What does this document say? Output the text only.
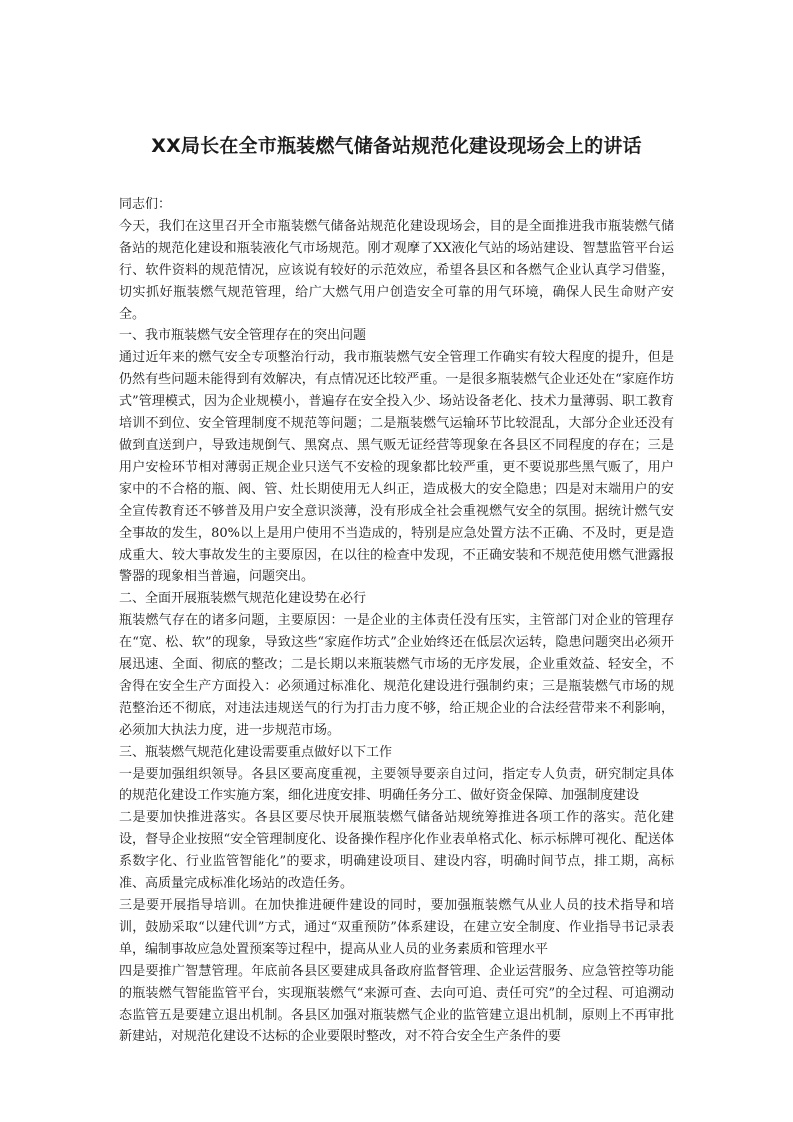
XX局长在全市瓶装燃气储备站规范化建设现场会上的讲话

同志们：

今天，我们在这里召开全市瓶装燃气储备站规范化建设现场会，目的是全面推进我市瓶装燃气储备站的规范化建设和瓶装液化气市场规范。刚才观摩了XX液化气站的场站建设、智慧监管平台运行、软件资料的规范情况，应该说有较好的示范效应，希望各县区和各燃气企业认真学习借鉴，切实抓好瓶装燃气规范管理，给广大燃气用户创造安全可靠的用气环境，确保人民生命财产安全。

一、我市瓶装燃气安全管理存在的突出问题

通过近年来的燃气安全专项整治行动，我市瓶装燃气安全管理工作确实有较大程度的提升，但是仍然有些问题未能得到有效解决，有点情况还比较严重。一是很多瓶装燃气企业还处在“家庭作坊式”管理模式，因为企业规模小，普遍存在安全投入少、场站设备老化、技术力量薄弱、职工教育培训不到位、安全管理制度不规范等问题；二是瓶装燃气运输环节比较混乱，大部分企业还没有做到直送到户，导致违规倒气、黑窝点、黑气贩无证经营等现象在各县区不同程度的存在；三是用户安检环节相对薄弱正规企业只送气不安检的现象都比较严重，更不要说那些黑气贩了，用户家中的不合格的瓶、阀、管、灶长期使用无人纠正，造成极大的安全隐患；四是对末端用户的安全宣传教育还不够普及用户安全意识淡薄，没有形成全社会重视燃气安全的氛围。据统计燃气安全事故的发生，80%以上是用户使用不当造成的，特别是应急处置方法不正确、不及时，更是造成重大、较大事故发生的主要原因，在以往的检查中发现，不正确安装和不规范使用燃气泄露报警器的现象相当普遍，问题突出。

二、全面开展瓶装燃气规范化建设势在必行

瓶装燃气存在的诸多问题，主要原因：一是企业的主体责任没有压实，主管部门对企业的管理存在“宽、松、软”的现象，导致这些“家庭作坊式”企业始终还在低层次运转，隐患问题突出必须开展迅速、全面、彻底的整改；二是长期以来瓶装燃气市场的无序发展，企业重效益、轻安全，不舍得在安全生产方面投入：必须通过标准化、规范化建设进行强制约束；三是瓶装燃气市场的规范整治还不彻底，对违法违规送气的行为打击力度不够，给正规企业的合法经营带来不利影响，必须加大执法力度，进一步规范市场。

三、瓶装燃气规范化建设需要重点做好以下工作

一是要加强组织领导。各县区要高度重视，主要领导要亲自过问，指定专人负责，研究制定具体的规范化建设工作实施方案，细化进度安排、明确任务分工、做好资金保障、加强制度建设

二是要加快推进落实。各县区要尽快开展瓶装燃气储备站规统筹推进各项工作的落实。范化建设，督导企业按照“安全管理制度化、设备操作程序化作业表单格式化、标示标牌可视化、配送体系数字化、行业监管智能化”的要求，明确建设项目、建设内容，明确时间节点，排工期，高标准、高质量完成标准化场站的改造任务。

三是要开展指导培训。在加快推进硬件建设的同时，要加强瓶装燃气从业人员的技术指导和培训，鼓励采取“以建代训”方式，通过“双重预防”体系建设，在建立安全制度、作业指导书记录表单，编制事故应急处置预案等过程中，提高从业人员的业务素质和管理水平

四是要推广智慧管理。年底前各县区要建成具备政府监督管理、企业运营服务、应急管控等功能的瓶装燃气智能监管平台，实现瓶装燃气“来源可查、去向可追、责任可究”的全过程、可追溯动态监管五是要建立退出机制。各县区加强对瓶装燃气企业的监管建立退出机制，原则上不再审批新建站，对规范化建设不达标的企业要限时整改，对不符合安全生产条件的要
